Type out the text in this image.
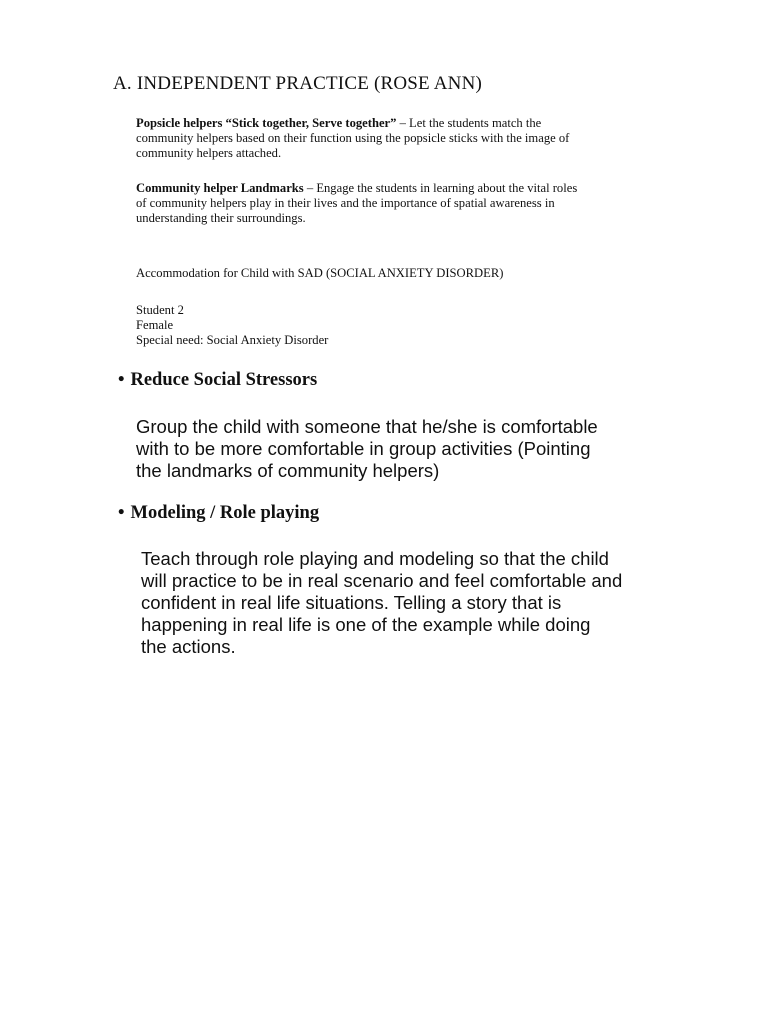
A. INDEPENDENT PRACTICE (ROSE ANN)
Popsicle helpers “Stick together, Serve together” – Let the students match the
community helpers based on their function using the popsicle sticks with the image of
community helpers attached.
Community helper Landmarks – Engage the students in learning about the vital roles
of community helpers play in their lives and the importance of spatial awareness in
understanding their surroundings.
Accommodation for Child with SAD (SOCIAL ANXIETY DISORDER)
Student 2
Female
Special need: Social Anxiety Disorder
• Reduce Social Stressors
Group the child with someone that he/she is comfortable
with to be more comfortable in group activities (Pointing
the landmarks of community helpers)
• Modeling / Role playing
Teach through role playing and modeling so that the child
will practice to be in real scenario and feel comfortable and
confident in real life situations. Telling a story that is
happening in real life is one of the example while doing
the actions.
